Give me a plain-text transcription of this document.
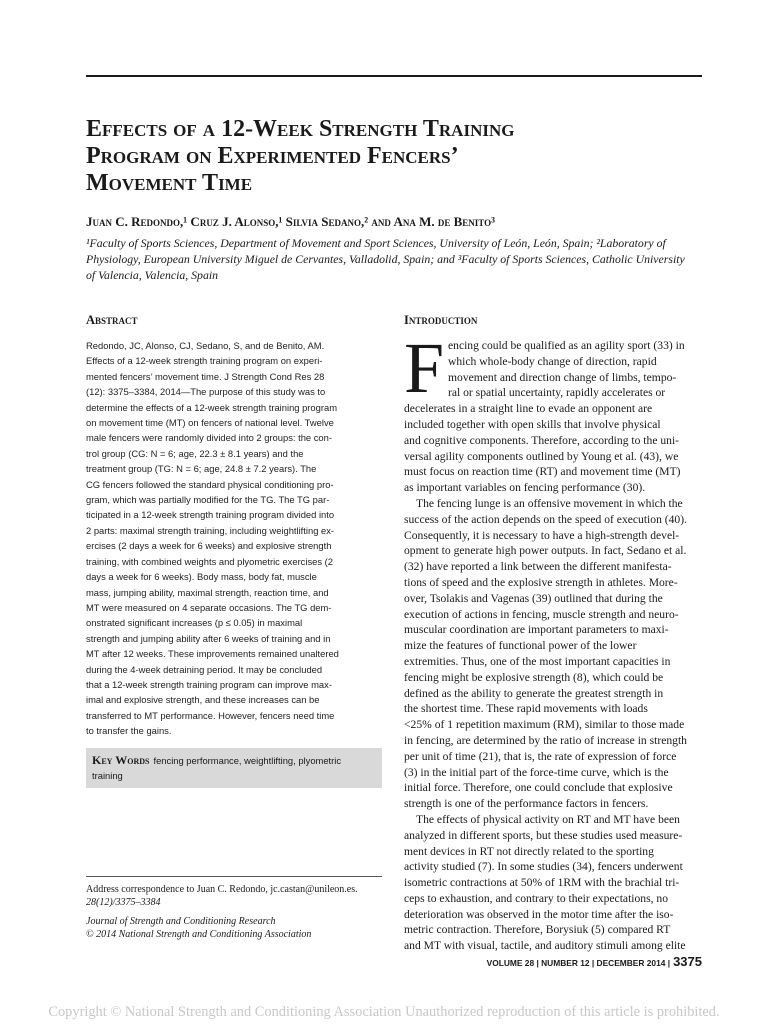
Effects of a 12-Week Strength Training
Program on Experimented Fencers’
Movement Time
Juan C. Redondo,¹ Cruz J. Alonso,¹ Silvia Sedano,² and Ana M. de Benito³
¹Faculty of Sports Sciences, Department of Movement and Sport Sciences, University of León, León, Spain; ²Laboratory of
Physiology, European University Miguel de Cervantes, Valladolid, Spain; and ³Faculty of Sports Sciences, Catholic University
of Valencia, Valencia, Spain
Abstract
Redondo, JC, Alonso, CJ, Sedano, S, and de Benito, AM.
Effects of a 12-week strength training program on experi-
mented fencers’ movement time. J Strength Cond Res 28
(12): 3375–3384, 2014—The purpose of this study was to
determine the effects of a 12-week strength training program
on movement time (MT) on fencers of national level. Twelve
male fencers were randomly divided into 2 groups: the con-
trol group (CG: N = 6; age, 22.3 ± 8.1 years) and the
treatment group (TG: N = 6; age, 24.8 ± 7.2 years). The
CG fencers followed the standard physical conditioning pro-
gram, which was partially modified for the TG. The TG par-
ticipated in a 12-week strength training program divided into
2 parts: maximal strength training, including weightlifting ex-
ercises (2 days a week for 6 weeks) and explosive strength
training, with combined weights and plyometric exercises (2
days a week for 6 weeks). Body mass, body fat, muscle
mass, jumping ability, maximal strength, reaction time, and
MT were measured on 4 separate occasions. The TG dem-
onstrated significant increases (p ≤ 0.05) in maximal
strength and jumping ability after 6 weeks of training and in
MT after 12 weeks. These improvements remained unaltered
during the 4-week detraining period. It may be concluded
that a 12-week strength training program can improve max-
imal and explosive strength, and these increases can be
transferred to MT performance. However, fencers need time
to transfer the gains.
Key Words fencing performance, weightlifting, plyometric
training
Introduction
F encing could be qualified as an agility sport (33) in
which whole-body change of direction, rapid
movement and direction change of limbs, tempo-
ral or spatial uncertainty, rapidly accelerates or
decelerates in a straight line to evade an opponent are
included together with open skills that involve physical
and cognitive components. Therefore, according to the uni-
versal agility components outlined by Young et al. (43), we
must focus on reaction time (RT) and movement time (MT)
as important variables on fencing performance (30).
The fencing lunge is an offensive movement in which the
success of the action depends on the speed of execution (40).
Consequently, it is necessary to have a high-strength devel-
opment to generate high power outputs. In fact, Sedano et al.
(32) have reported a link between the different manifesta-
tions of speed and the explosive strength in athletes. More-
over, Tsolakis and Vagenas (39) outlined that during the
execution of actions in fencing, muscle strength and neuro-
muscular coordination are important parameters to maxi-
mize the features of functional power of the lower
extremities. Thus, one of the most important capacities in
fencing might be explosive strength (8), which could be
defined as the ability to generate the greatest strength in
the shortest time. These rapid movements with loads
<25% of 1 repetition maximum (RM), similar to those made
in fencing, are determined by the ratio of increase in strength
per unit of time (21), that is, the rate of expression of force
(3) in the initial part of the force-time curve, which is the
initial force. Therefore, one could conclude that explosive
strength is one of the performance factors in fencers.
The effects of physical activity on RT and MT have been
analyzed in different sports, but these studies used measure-
ment devices in RT not directly related to the sporting
activity studied (7). In some studies (34), fencers underwent
isometric contractions at 50% of 1RM with the brachial tri-
ceps to exhaustion, and contrary to their expectations, no
deterioration was observed in the motor time after the iso-
metric contraction. Therefore, Borysiuk (5) compared RT
and MT with visual, tactile, and auditory stimuli among elite
Address correspondence to Juan C. Redondo, jc.castan@unileon.es.
28(12)/3375–3384
Journal of Strength and Conditioning Research
© 2014 National Strength and Conditioning Association
VOLUME 28 | NUMBER 12 | DECEMBER 2014 | 3375
Copyright © National Strength and Conditioning Association Unauthorized reproduction of this article is prohibited.
